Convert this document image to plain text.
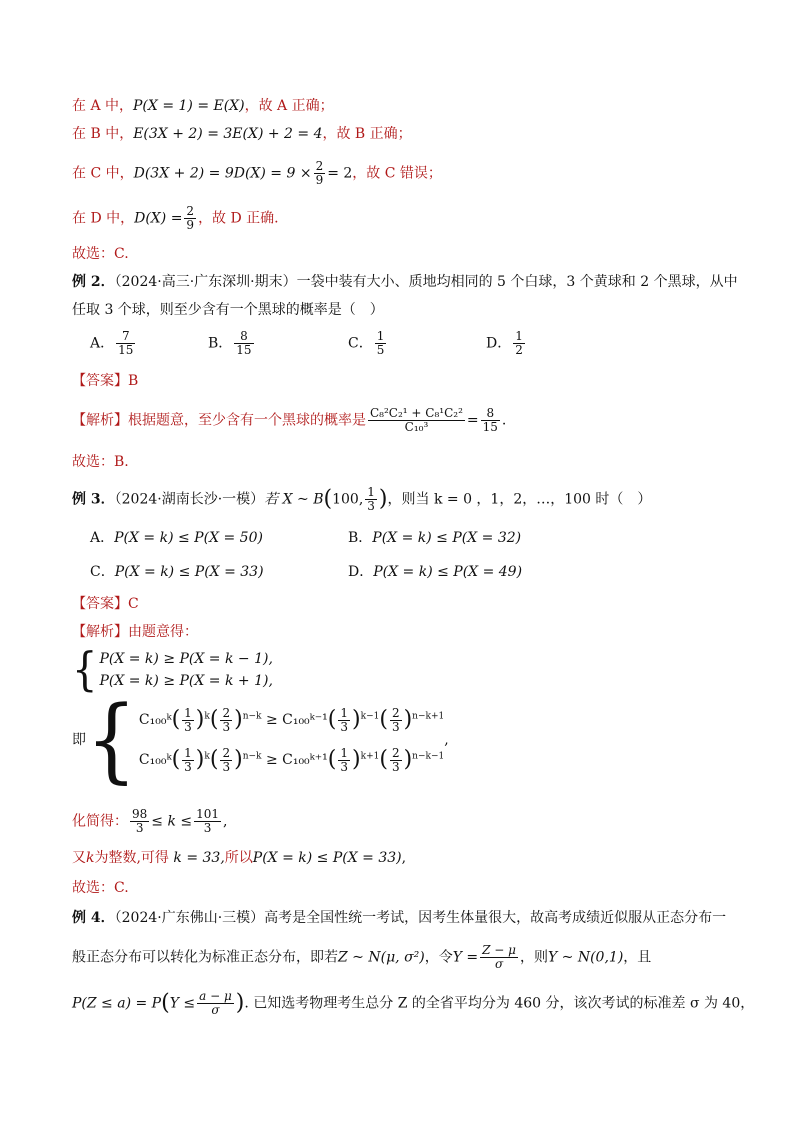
在 A 中，P(X = 1) = E(X)，故 A 正确；
在 B 中，E(3X + 2) = 3E(X) + 2 = 4，故 B 正确；
在 C 中，$D(3X + 2) = 9D(X) = 9 \times \frac{2}{9} = 2$，故 C 错误；
在 D 中，$D(X) = \frac{2}{9}$ ，故 D 正确.
故选：C.
例 2．（2024·高三·广东深圳·期末）一袋中装有大小、质地均相同的 5 个白球，3 个黄球和 2 个黑球，从中
任取 3 个球，则至少含有一个黑球的概率是（　）
A． $\frac{7}{15}$	B． $\frac{8}{15}$	C． $\frac{1}{5}$	D． $\frac{1}{2}$
【答案】B
【解析】根据题意，至少含有一个黑球的概率是 $\frac{\text{C₈²C₂¹ + C₈¹C₂²}}{\text{C₁₀³}} = \frac{8}{15}$ .
故选：B.
例 3．（2024·湖南长沙·一模）若 X ~ B(100, $\frac{1}{3}$ )，则当 k = 0 ，1，2，…，100 时（　）
A．P(X = k) ≤ P(X = 50)	B．P(X = k) ≤ P(X = 32)
C．P(X = k) ≤ P(X = 33)	D．P(X = k) ≤ P(X = 49)
【答案】C
【解析】由题意得：
{ P(X = k) ≥ P(X = k − 1),
P(X = k) ≥ P(X = k + 1),
即{ C₁₀₀ᵏ( $\frac{1}{3} )^k( \frac{2}{3} )^{n-k}$ ≥ C₁₀₀ᵏ⁻¹( $\frac{1}{3} )^{k-1}( \frac{2}{3} )^{n-k+1}$
C₁₀₀ᵏ( $\frac{1}{3} )^k( \frac{2}{3} )^{n-k}$ ≥ C₁₀₀ᵏ⁺¹( $\frac{1}{3} )^{k+1}( \frac{2}{3} )^{n-k-1}$
,
化简得： $\frac{98}{3} \le k \le \frac{101}{3}$ ,
又k为整数,可得 k = 33,所以P(X = k) ≤ P(X = 33),
故选：C.
例 4．（2024·广东佛山·三模）高考是全国性统一考试，因考生体量很大，故高考成绩近似服从正态分布一
般正态分布可以转化为标准正态分布，即若Z ~ N(μ, σ²)，令$Y = \frac{Z - \mu}{\sigma}$ ，则Y ~ N(0,1)，且
$P(Z \le a) = P(Y \le \frac{a - \mu}{\sigma}$ ). 已知选考物理考生总分 Z 的全省平均分为 460 分，该次考试的标准差 σ 为 40，
